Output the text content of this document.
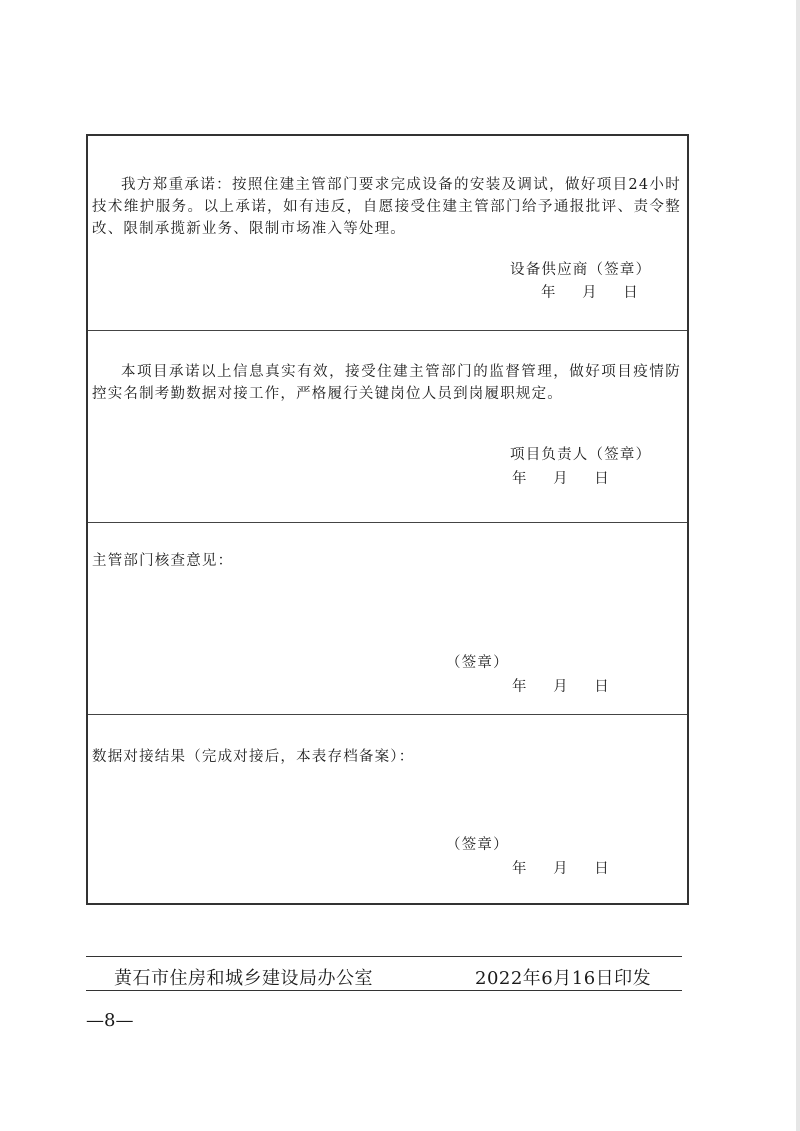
我方郑重承诺：按照住建主管部门要求完成设备的安装及调试，做好项目24小时技术维护服务。以上承诺，如有违反，自愿接受住建主管部门给予通报批评、责令整改、限制承揽新业务、限制市场准入等处理。
设备供应商（签章）
年 月 日
本项目承诺以上信息真实有效，接受住建主管部门的监督管理，做好项目疫情防控实名制考勤数据对接工作，严格履行关键岗位人员到岗履职规定。
项目负责人（签章）
年 月 日
主管部门核查意见：
（签章）
年 月 日
数据对接结果（完成对接后，本表存档备案）：
（签章）
年 月 日
黄石市住房和城乡建设局办公室	2022年6月16日印发
—8—
